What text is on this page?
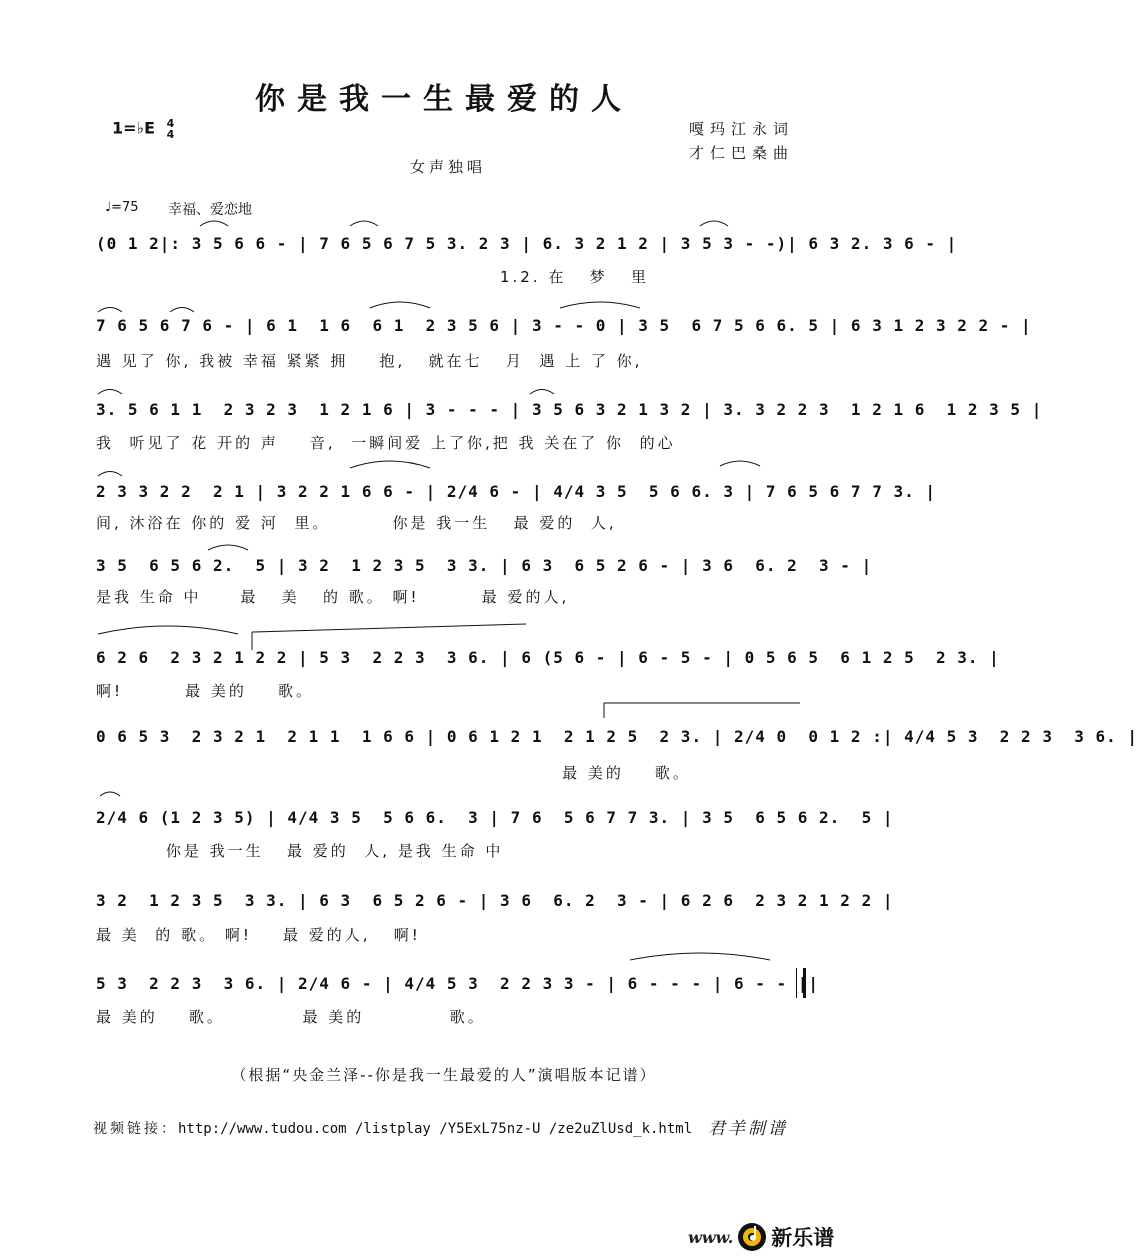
你是我一生最爱的人
1=♭E 4
4	嘎玛江永词
才仁巴桑曲
女声独唱
♩=75 幸福、爱恋地
(0 1 2|: 3 5 6 6 - | 7 6 5 6 7 5 3. 2 3 | 6. 3 2 1 2 | 3 5 3 - -)| 6 3 2. 3 6 - |
1.2. 在   梦   里
7 6 5 6 7 6 - | 6 1  1 6  6 1  2 3 5 6 | 3 - - 0 | 3 5  6 7 5 6 6. 5 | 6 3 1 2 3 2 2 - |
遇 见了 你, 我被 幸福 紧紧 拥    抱,   就在七   月  遇 上 了 你,
3. 5 6 1 1  2 3 2 3  1 2 1 6 | 3 - - - | 3 5 6 3 2 1 3 2 | 3. 3 2 2 3  1 2 1 6  1 2 3 5 |
我  听见了 花 开的 声    音,  一瞬间爱 上了你,把 我 关在了 你  的心
2 3 3 2 2  2 1 | 3 2 2 1 6 6 - | 2/4 6 - | 4/4 3 5  5 6 6. 3 | 7 6 5 6 7 7 3. |
间, 沐浴在 你的 爱 河  里。        你是 我一生   最 爱的  人,
3 5  6 5 6 2.  5 | 3 2  1 2 3 5  3 3. | 6 3  6 5 2 6 - | 3 6  6. 2  3 - |
是我 生命 中     最   美   的 歌。 啊!        最 爱的人,
6 2 6  2 3 2 1 2 2 | 5 3  2 2 3  3 6. | 6 (5 6 - | 6 - 5 - | 0 5 6 5  6 1 2 5  2 3. |
啊!        最 美的    歌。
0 6 5 3  2 3 2 1  2 1 1  1 6 6 | 0 6 1 2 1  2 1 2 5  2 3. | 2/4 0  0 1 2 :| 4/4 5 3  2 2 3  3 6. |
最 美的    歌。
2/4 6 (1 2 3 5) | 4/4 3 5  5 6 6.  3 | 7 6  5 6 7 7 3. | 3 5  6 5 6 2.  5 |
你是 我一生   最 爱的  人, 是我 生命 中
3 2  1 2 3 5  3 3. | 6 3  6 5 2 6 - | 3 6  6. 2  3 - | 6 2 6  2 3 2 1 2 2 |
最 美  的 歌。 啊!    最 爱的人,   啊!
5 3  2 2 3  3 6. | 2/4 6 - | 4/4 5 3  2 2 3 3 - | 6 - - - | 6 - - ||
最 美的    歌。          最 美的           歌。
（根据“央金兰泽--你是我一生最爱的人”演唱版本记谱）
视频链接：http://www.tudou.com /listplay /Y5ExL75nz-U /ze2uZlUsd_k.html 君羊制谱
www. 新乐谱
